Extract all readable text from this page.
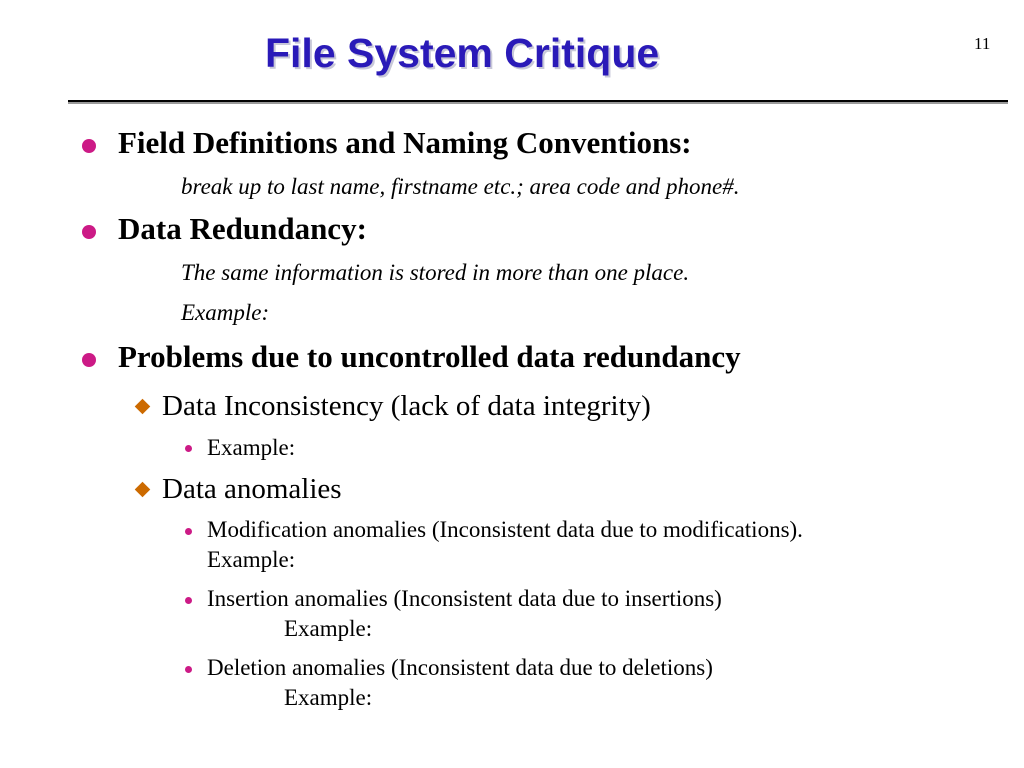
File System Critique	11
Field Definitions and Naming Conventions:
break up to last name, firstname etc.; area code and phone#.
Data Redundancy:
The same information is stored in more than one place.
Example:
Problems due to uncontrolled data redundancy
Data Inconsistency (lack of data integrity)
Example:
Data anomalies
Modification anomalies (Inconsistent data due to modifications).
Example:
Insertion anomalies (Inconsistent data due to insertions)
Example:
Deletion anomalies (Inconsistent data due to deletions)
Example:
